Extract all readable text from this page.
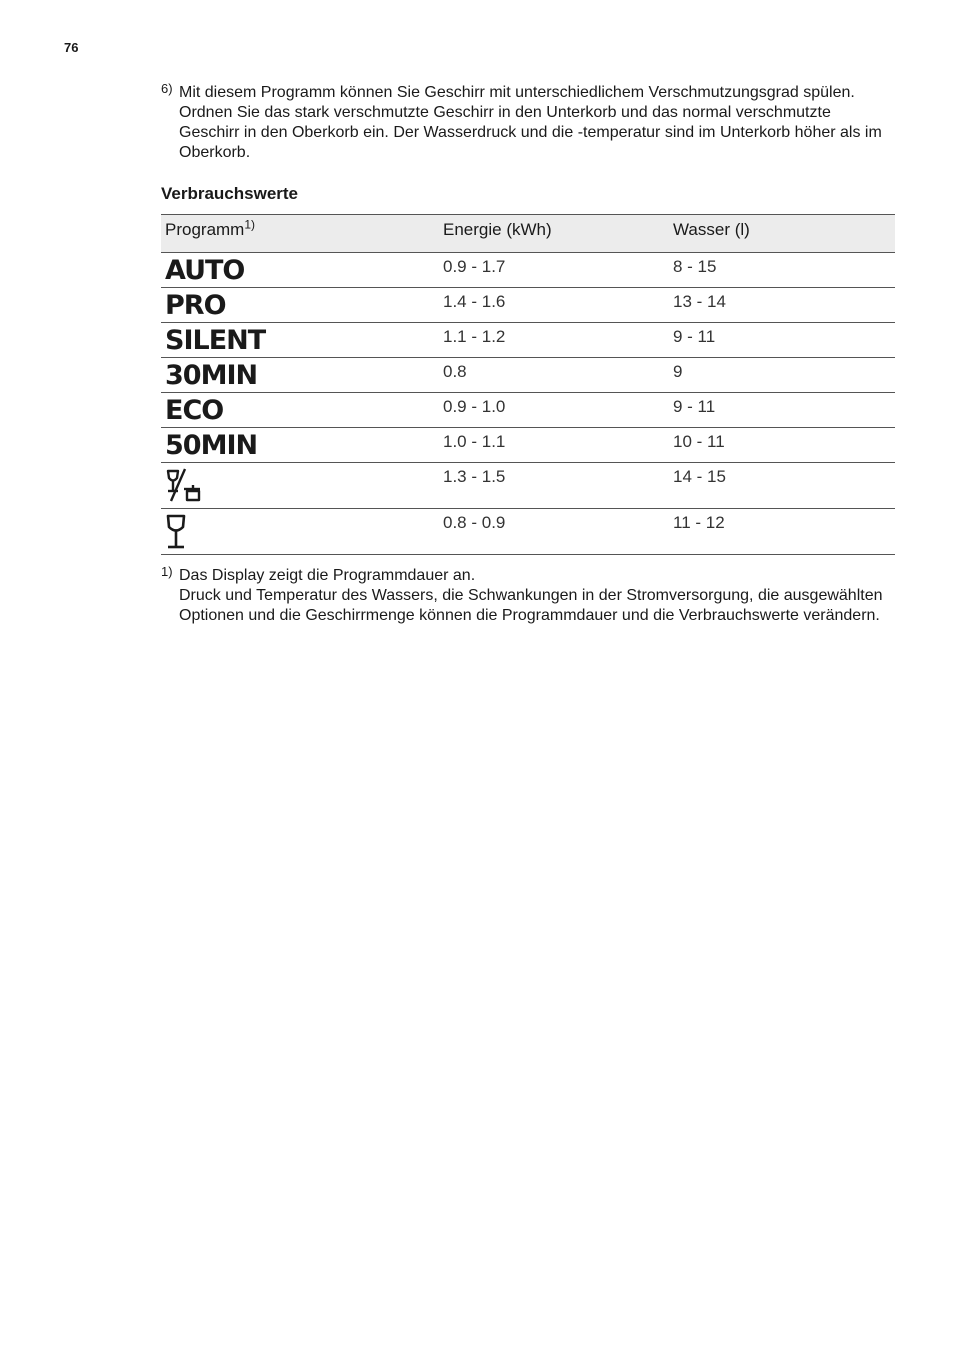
76
6) Mit diesem Programm können Sie Geschirr mit unterschiedlichem Verschmutzungsgrad spülen. Ordnen Sie das stark verschmutzte Geschirr in den Unterkorb und das normal verschmutzte Geschirr in den Oberkorb ein. Der Wasserdruck und die -temperatur sind im Unterkorb höher als im Oberkorb.
Verbrauchswerte
Programm$^{1)}$	Energie (kWh)	Wasser (l)
AUTO	0.9 - 1.7	8 - 15
PRO	1.4 - 1.6	13 - 14
SILENT	1.1 - 1.2	9 - 11
30MIN	0.8	9
ECO	0.9 - 1.0	9 - 11
50MIN	1.0 - 1.1	10 - 11

	1.3 - 1.5	14 - 15

	0.8 - 0.9	11 - 12
1) Das Display zeigt die Programmdauer an.
Druck und Temperatur des Wassers, die Schwankungen in der Stromversorgung, die ausgewählten Optionen und die Geschirrmenge können die Programmdauer und die Verbrauchswerte verändern.
